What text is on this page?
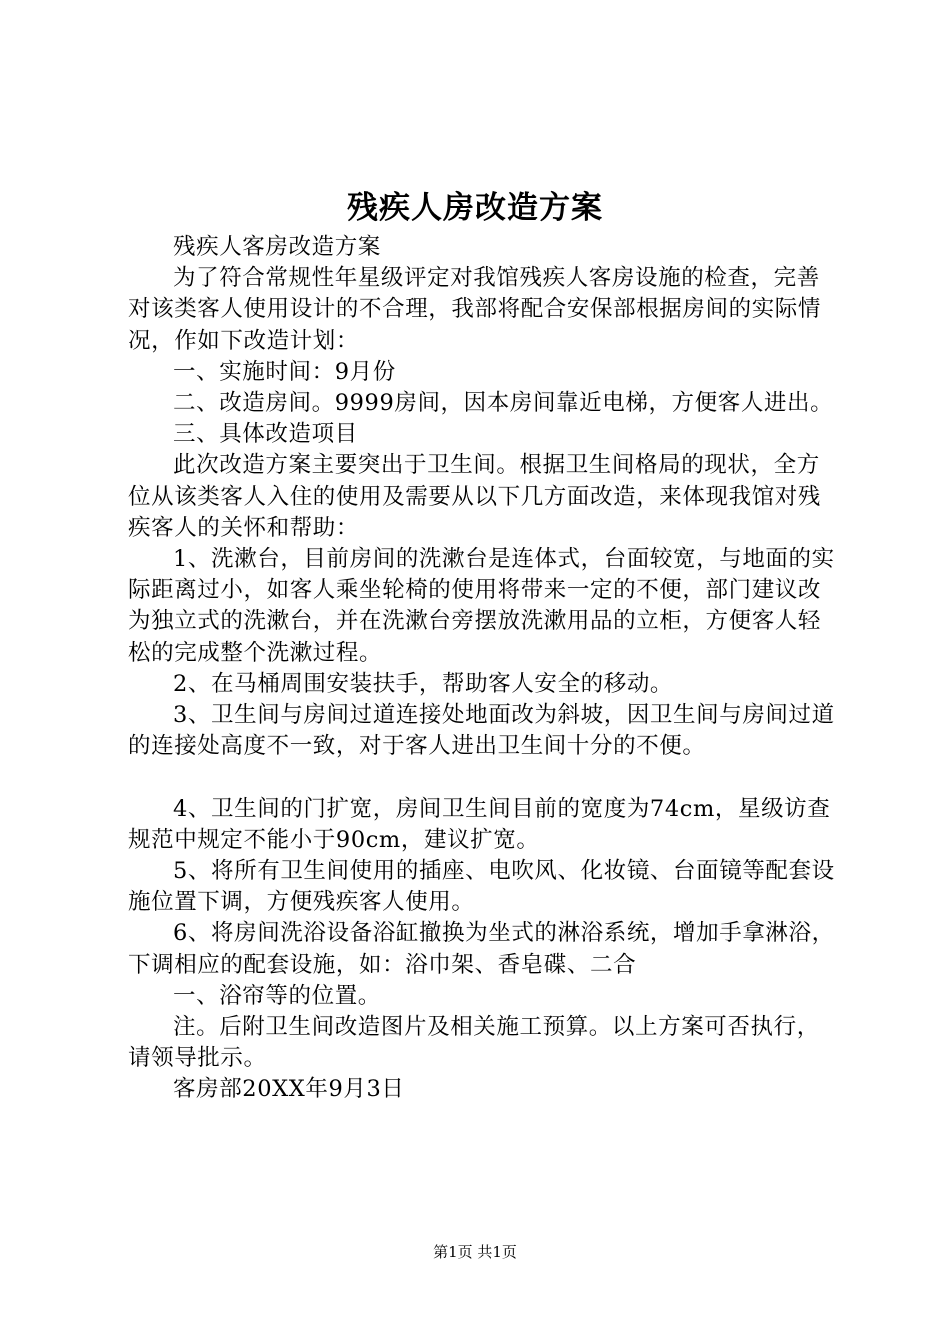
残疾人房改造方案

残疾人客房改造方案

为了符合常规性年星级评定对我馆残疾人客房设施的检查，完善对该类客人使用设计的不合理，我部将配合安保部根据房间的实际情况，作如下改造计划：

一、实施时间：9月份

二、改造房间。9999房间，因本房间靠近电梯，方便客人进出。

三、具体改造项目

此次改造方案主要突出于卫生间。根据卫生间格局的现状，全方位从该类客人入住的使用及需要从以下几方面改造，来体现我馆对残疾客人的关怀和帮助：

1、洗漱台，目前房间的洗漱台是连体式，台面较宽，与地面的实际距离过小，如客人乘坐轮椅的使用将带来一定的不便，部门建议改为独立式的洗漱台，并在洗漱台旁摆放洗漱用品的立柜，方便客人轻松的完成整个洗漱过程。

2、在马桶周围安装扶手，帮助客人安全的移动。

3、卫生间与房间过道连接处地面改为斜坡，因卫生间与房间过道的连接处高度不一致，对于客人进出卫生间十分的不便。

4、卫生间的门扩宽，房间卫生间目前的宽度为74cm，星级访查规范中规定不能小于90cm，建议扩宽。

5、将所有卫生间使用的插座、电吹风、化妆镜、台面镜等配套设施位置下调，方便残疾客人使用。

6、将房间洗浴设备浴缸撤换为坐式的淋浴系统，增加手拿淋浴，下调相应的配套设施，如：浴巾架、香皂碟、二合

一、浴帘等的位置。

注。后附卫生间改造图片及相关施工预算。以上方案可否执行，请领导批示。

客房部20XX年9月3日

第1页 共1页
